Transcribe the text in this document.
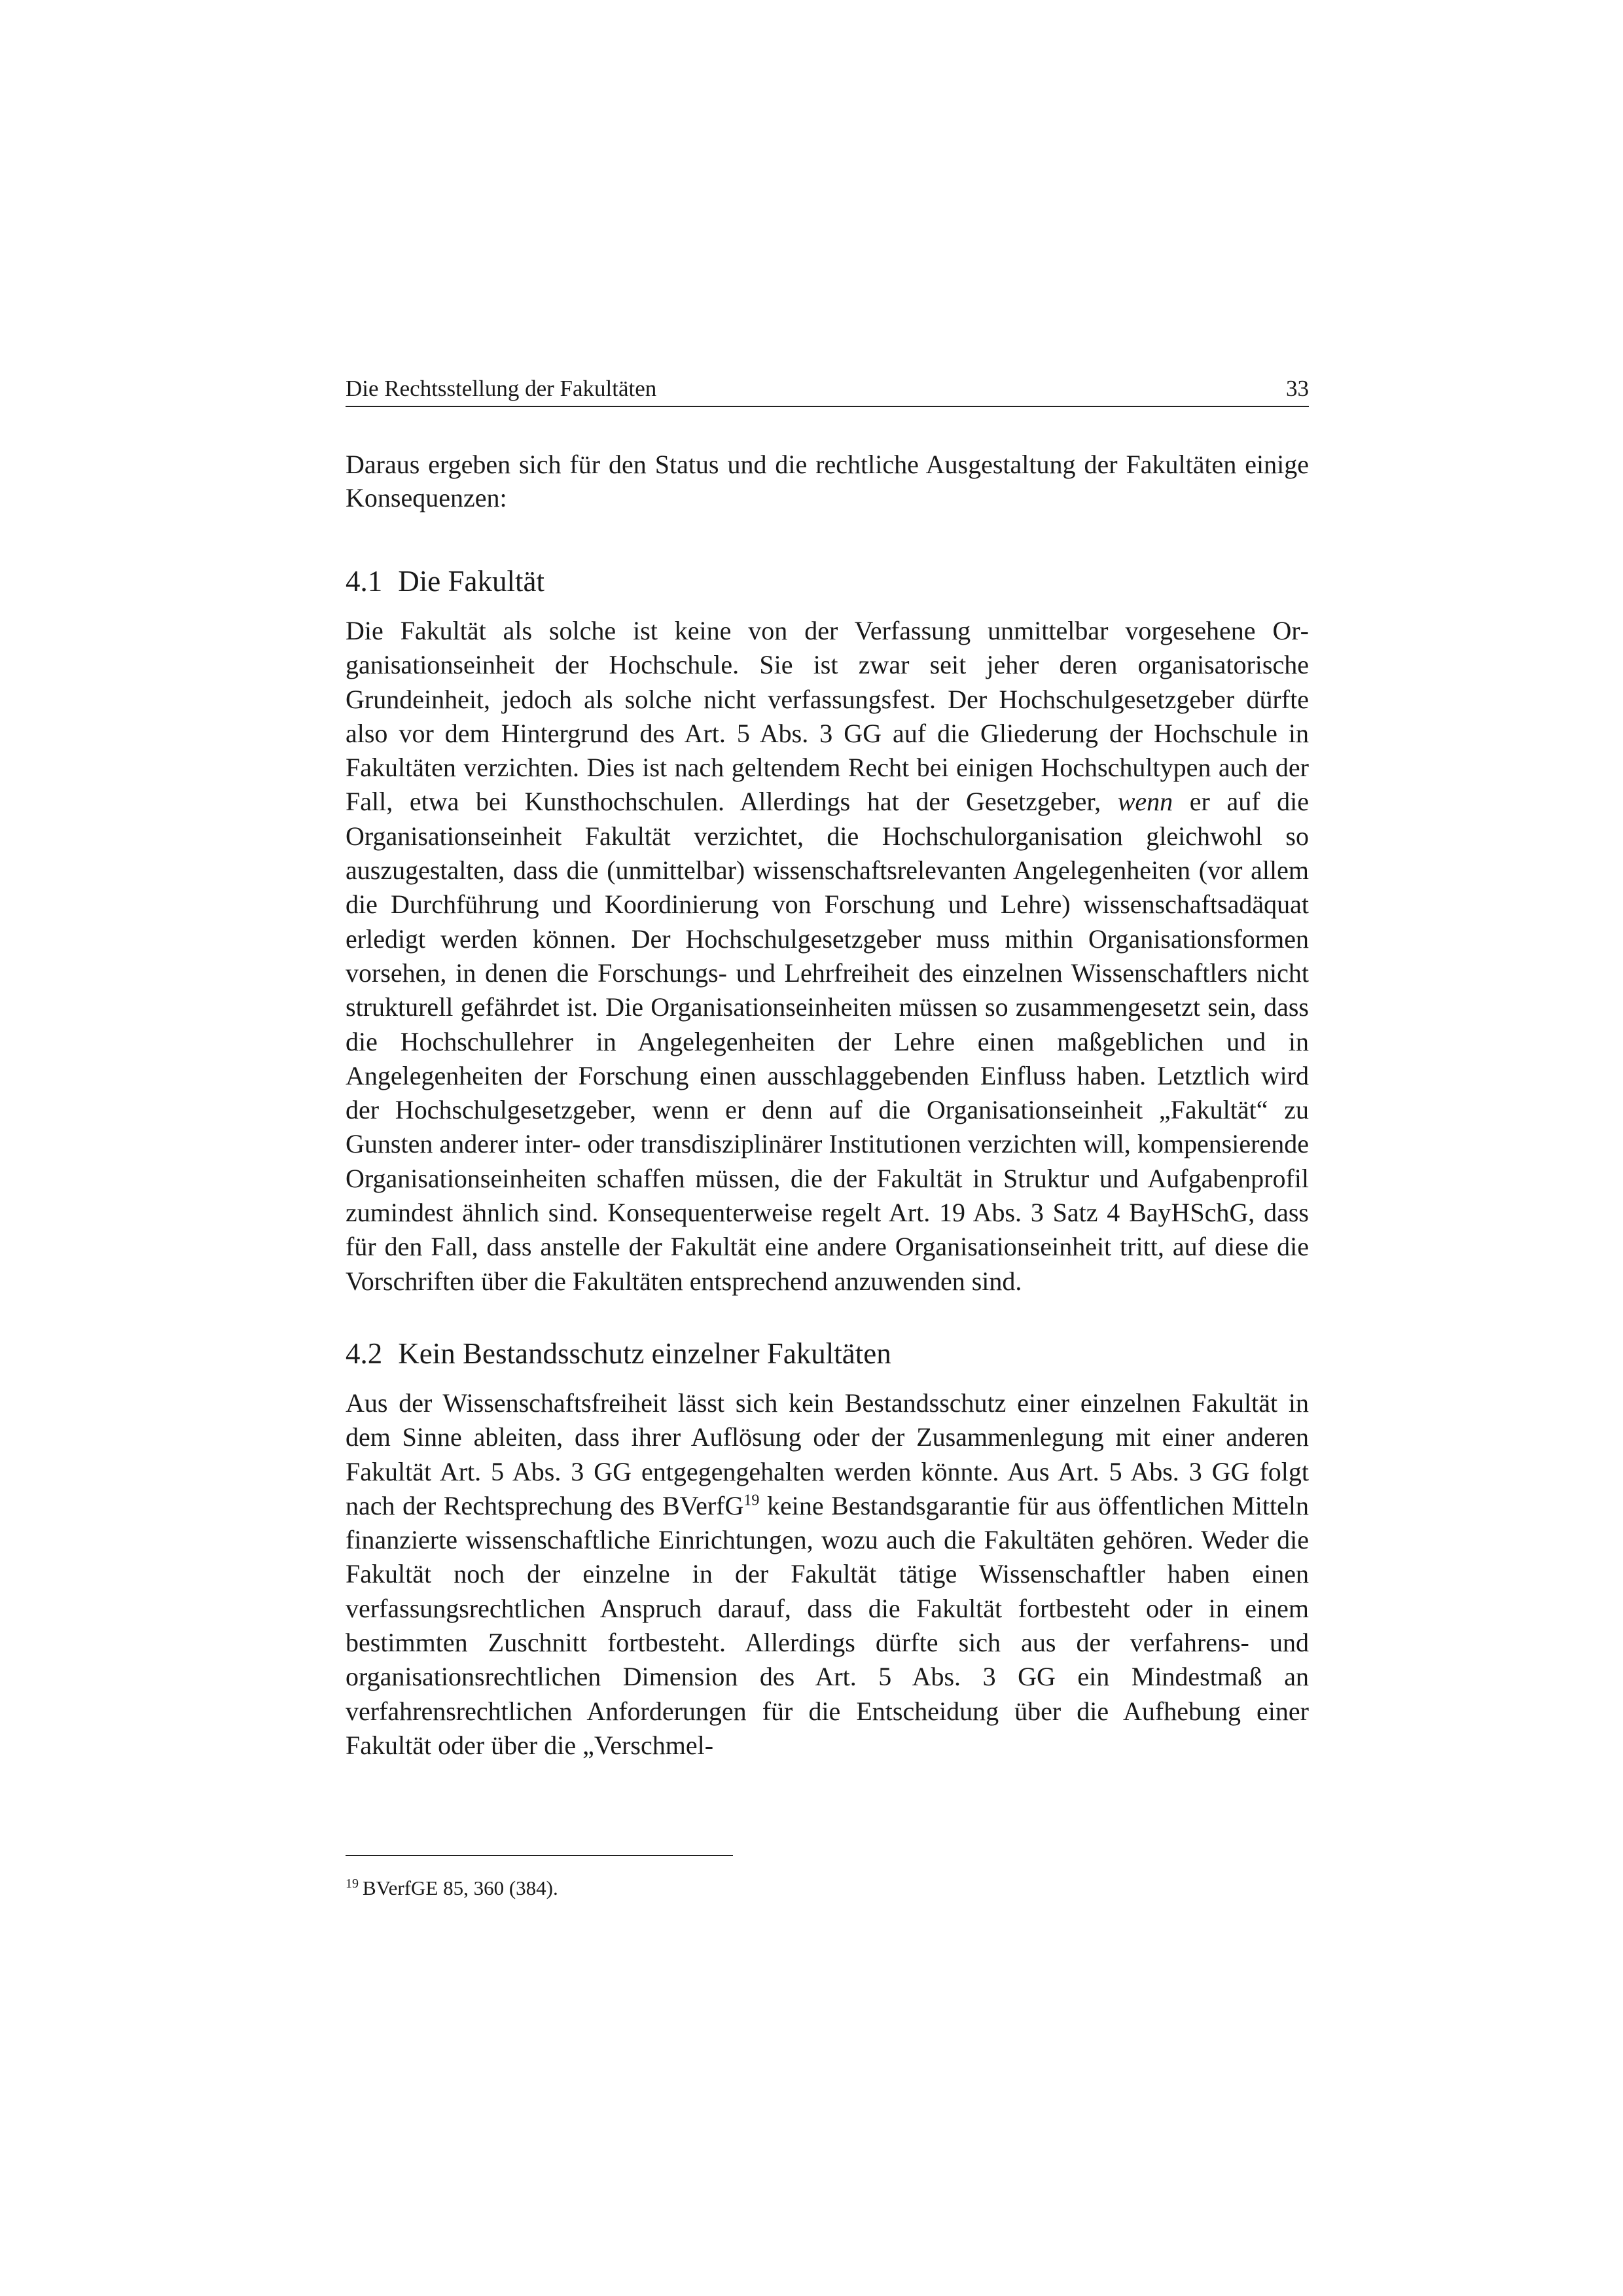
Die Rechtsstellung der Fakultäten	33

Daraus ergeben sich für den Status und die rechtliche Ausgestaltung der Fakultäten einige Konsequenzen:

4.1 Die Fakultät

Die Fakultät als solche ist keine von der Verfassung unmittelbar vorgesehene Organisationseinheit der Hochschule. Sie ist zwar seit jeher deren organisatorische Grundeinheit, jedoch als solche nicht verfassungsfest. Der Hochschulgesetzgeber dürfte also vor dem Hintergrund des Art. 5 Abs. 3 GG auf die Gliederung der Hochschule in Fakultäten verzichten. Dies ist nach geltendem Recht bei einigen Hochschultypen auch der Fall, etwa bei Kunsthochschulen. Allerdings hat der Gesetzgeber, wenn er auf die Organisationseinheit Fakultät verzichtet, die Hochschulorganisation gleichwohl so auszugestalten, dass die (unmittelbar) wissenschaftsrelevanten Angelegenheiten (vor allem die Durchführung und Koordinierung von Forschung und Lehre) wissenschaftsadäquat erledigt werden können. Der Hochschulgesetzgeber muss mithin Organisationsformen vorsehen, in denen die Forschungs- und Lehrfreiheit des einzelnen Wissenschaftlers nicht strukturell gefährdet ist. Die Organisationseinheiten müssen so zusammengesetzt sein, dass die Hochschullehrer in Angelegenheiten der Lehre einen maßgeblichen und in Angelegenheiten der Forschung einen ausschlaggebenden Einfluss haben. Letztlich wird der Hochschulgesetzgeber, wenn er denn auf die Organisationseinheit „Fakultät“ zu Gunsten anderer inter- oder transdisziplinärer Institutionen verzichten will, kompensierende Organisationseinheiten schaffen müssen, die der Fakultät in Struktur und Aufgabenprofil zumindest ähnlich sind. Konsequenterweise regelt Art. 19 Abs. 3 Satz 4 BayHSchG, dass für den Fall, dass anstelle der Fakultät eine andere Organisationseinheit tritt, auf diese die Vorschriften über die Fakultäten entsprechend anzuwenden sind.

4.2 Kein Bestandsschutz einzelner Fakultäten

Aus der Wissenschaftsfreiheit lässt sich kein Bestandsschutz einer einzelnen Fakultät in dem Sinne ableiten, dass ihrer Auflösung oder der Zusammenlegung mit einer anderen Fakultät Art. 5 Abs. 3 GG entgegengehalten werden könnte. Aus Art. 5 Abs. 3 GG folgt nach der Rechtsprechung des BVerfG$^{19}$ keine Bestandsgarantie für aus öffentlichen Mitteln finanzierte wissenschaftliche Einrichtungen, wozu auch die Fakultäten gehören. Weder die Fakultät noch der einzelne in der Fakultät tätige Wissenschaftler haben einen verfassungsrechtlichen Anspruch darauf, dass die Fakultät fortbesteht oder in einem bestimmten Zuschnitt fortbesteht. Allerdings dürfte sich aus der verfahrens- und organisationsrechtlichen Dimension des Art. 5 Abs. 3 GG ein Mindestmaß an verfahrensrechtlichen Anforderungen für die Entscheidung über die Aufhebung einer Fakultät oder über die „Verschmel-

$^{19}$ BVerfGE 85, 360 (384).
